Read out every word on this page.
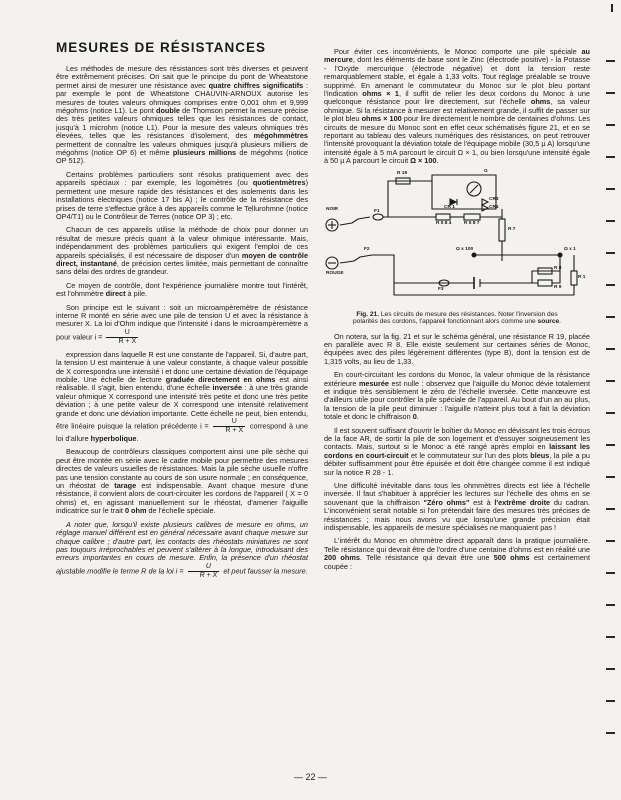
MESURES DE RÉSISTANCES

Les méthodes de mesure des résistances sont très diverses et peuvent être extrêmement précises. On sait que le principe du pont de Wheatstone permet ainsi de mesurer une résistance avec quatre chiffres significatifs : par exemple le pont de Wheatstone CHAUVIN-ARNOUX autorise les mesures de toutes valeurs ohmiques comprises entre 0,001 ohm et 9,999 mégohms (notice L1). Le pont double de Thomson permet la mesure précise des très petites valeurs ohmiques telles que les résistances de contact, jusqu'à 1 microhm (notice L1). Pour la mesure des valeurs ohmiques très élevées, telles que les résistances d'isolement, des mégohmmètres permettent de connaître les valeurs ohmiques jusqu'à plusieurs milliers de mégohms (notice OP 6) et même plusieurs millions de mégohms (notice OP 512).

Certains problèmes particuliers sont résolus pratiquement avec des appareils spéciaux : par exemple, les logomètres (ou quotientmètres) permettent une mesure rapide des résistances et des isolements dans les installations électriques (notice 17 bis A) ; le contrôle de la résistance des prises de terre s'effectue grâce à des appareils comme le Tellurohmne (notice OP4/T1) ou le Contrôleur de Terres (notice OP 3) ; etc.

Chacun de ces appareils utilise la méthode de choix pour donner un résultat de mesure précis quant à la valeur ohmique intéressante. Mais, indépendamment des problèmes particuliers qui exigent l'emploi de ces appareils spécialisés, il est nécessaire de disposer d'un moyen de contrôle direct, instantané, de précision certes limitée, mais permettant de connaître sans délai des ordres de grandeur.

Ce moyen de contrôle, dont l'expérience journalière montre tout l'intérêt, est l'ohmmètre direct à pile.

Son principe est le suivant : soit un microampèremètre de résistance interne R monté en série avec une pile de tension U et avec la résistance à mesurer X. La loi d'Ohm indique que l'intensité i dans le microampèremètre a pour valeur $i = \frac{U}{R + X}$

expression dans laquelle R est une constante de l'appareil. Si, d'autre part, la tension U est maintenue à une valeur constante, à chaque valeur possible de X correspondra une intensité i et donc une certaine déviation de l'équipage mobile. Une échelle de lecture graduée directement en ohms est ainsi réalisable. Il s'agit, bien entendu, d'une échelle inversée : à une très grande valeur ohmique X correspond une intensité très petite et donc une très petite déviation ; à une petite valeur de X correspond une intensité relativement grande et donc une déviation importante. Cette échelle ne peut, bien entendu, être linéaire puisque la relation précédente $i = \frac{U}{R + X}$ correspond à une loi d'allure hyperbolique.

Beaucoup de contrôleurs classiques comportent ainsi une pile sèche qui peut être montée en série avec le cadre mobile pour permettre des mesures directes de valeurs usuelles de résistances. Mais la pile sèche usuelle n'offre pas une tension constante au cours de son usure normale ; en conséquence, un rhéostat de tarage est indispensable. Avant chaque mesure d'une résistance, il convient alors de court-circuiter les cordons de l'appareil ( X = 0 ohms) et, en agissant manuellement sur le rhéostat, d'amener l'aiguille indicatrice sur le trait 0 ohm de l'échelle spéciale.

A noter que, lorsqu'il existe plusieurs calibres de mesure en ohms, un réglage manuel différent est en général nécessaire avant chaque mesure sur chaque calibre ; d'autre part, les contacts des rhéostats miniatures ne sont pas toujours irréprochables et peuvent s'altérer à la longue, introduisant des erreurs importantes en cours de mesure. Enfin, la présence d'un rhéostat ajustable modifie le terme R de la loi $i = \frac{U}{R + X}$ et peut fausser la mesure.

Pour éviter ces inconvénients, le Monoc comporte une pile spéciale au mercure, dont les éléments de base sont le Zinc (électrode positive) - la Potasse - l'Oxyde mercurique (électrode négative) et dont la tension reste remarquablement stable, et égale à 1,33 volts. Tout réglage préalable se trouve supprimé. En amenant le commutateur du Monoc sur le plot bleu portant l'indication ohms × 1, il suffit de relier les deux cordons du Monoc à une quelconque résistance pour lire directement, sur l'échelle ohms, sa valeur ohmique. Si la résistance à mesurer est relativement grande, il suffit de passer sur le plot bleu ohms × 100 pour lire directement le nombre de centaines d'ohms. Les circuits de mesure du Monoc sont en effet ceux schématisés figure 21, et en se reportant au tableau des valeurs numériques des résistances, on peut retrouver l'intensité provoquant la déviation totale de l'équipage mobile (30,5 µ A) lorsqu'une intensité égale à 5 mA parcourt le circuit Ω × 1, ou bien lorsqu'une intensité égale à 50 µ A parcourt le circuit Ω × 100.

NOIR
ROUGE
G
F1
R 19
CR 1
CR3
CR4
R 5 8 4	R 5 8 7
R 7
R 8
R 9
R 1
Ω x 1
Ω x 100
F2
F3
Fig. 21. Les circuits de mesure des résistances. Noter l'inversion des polarités des cordons, l'appareil fonctionnant alors comme une source.

On notera, sur la fig. 21 et sur le schéma général, une résistance R 19, placée en parallèle avec R 8. Elle existe seulement sur certaines séries de Monoc, équipées avec des piles légèrement différentes (type B), dont la tension est de 1,315 volts, au lieu de 1,33.

En court-circuitant les cordons du Monoc, la valeur ohmique de la résistance extérieure mesurée est nulle : observez que l'aiguille du Monoc dévie totalement et indique très sensiblement le zéro de l'échelle inversée. Cette manœuvre est d'ailleurs utile pour contrôler la pile spéciale de l'appareil. Au bout d'un an au plus, la tension de la pile peut diminuer : l'aiguille n'atteint plus tout à fait la déviation totale et donc le chiffraison 0.

Il est souvent suffisant d'ouvrir le boîtier du Monoc en dévissant les trois écrous de la face AR, de sortir la pile de son logement et d'essuyer soigneusement les contacts. Mais, surtout si le Monoc a été rangé après emploi en laissant les cordons en court-circuit et le commutateur sur l'un des plots bleus, la pile a pu débiter suffisamment pour être épuisée et doit être changée comme il est indiqué sur la notice R 28 - 1.

Une difficulté inévitable dans tous les ohmmètres directs est liée à l'échelle inversée. Il faut s'habituer à apprécier les lectures sur l'échelle des ohms en se souvenant que la chiffraison "Zéro ohms" est à l'extrême droite du cadran. L'inconvénient serait notable si l'on prétendait faire des mesures très précises de résistances ; mais nous avons vu que lorsqu'une grande précision était indispensable, les appareils de mesure spécialisés ne manquaient pas !

L'intérêt du Monoc en ohmmètre direct apparaît dans la pratique journalière. Telle résistance qui devrait être de l'ordre d'une centaine d'ohms est en réalité une 200 ohms. Telle résistance qui devait être une 500 ohms est certainement coupée :

— 22 —
